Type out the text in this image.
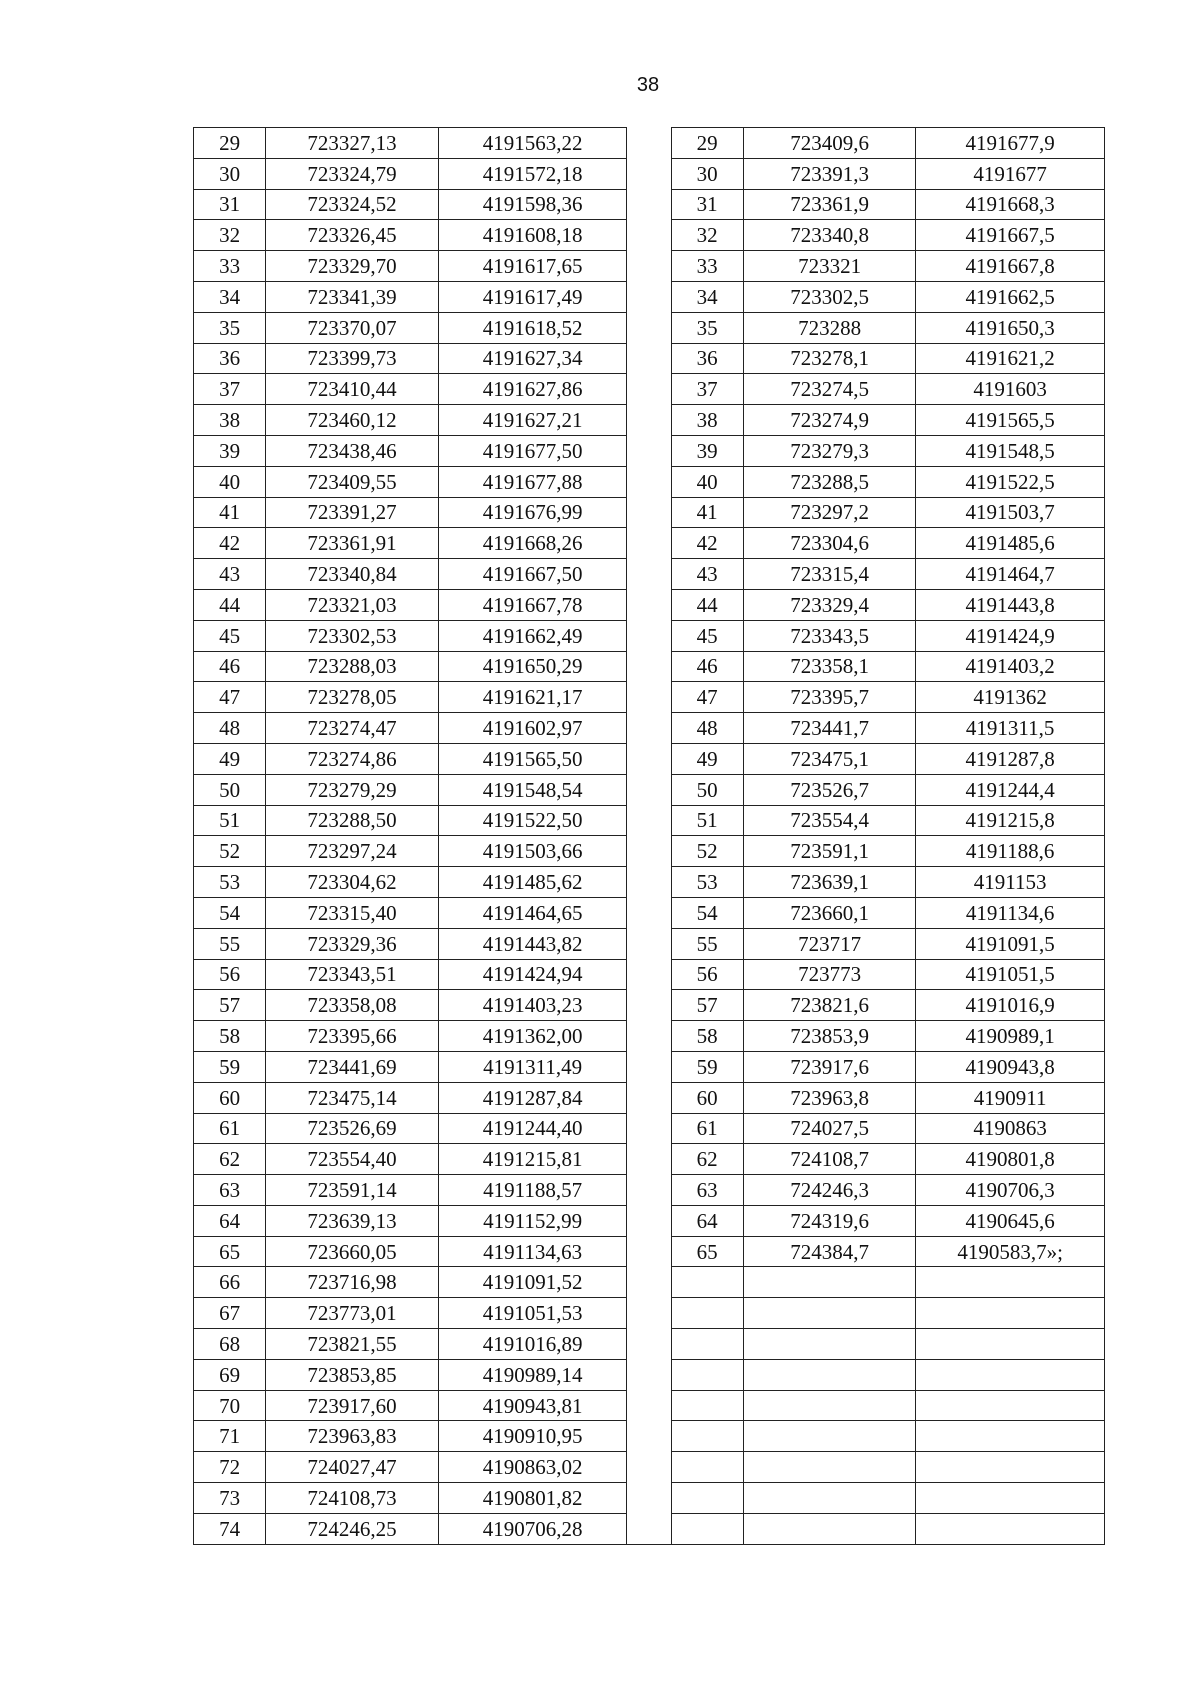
38
29	723327,13	4191563,22		29	723409,6	4191677,9
30	723324,79	4191572,18		30	723391,3	4191677
31	723324,52	4191598,36		31	723361,9	4191668,3
32	723326,45	4191608,18		32	723340,8	4191667,5
33	723329,70	4191617,65		33	723321	4191667,8
34	723341,39	4191617,49		34	723302,5	4191662,5
35	723370,07	4191618,52		35	723288	4191650,3
36	723399,73	4191627,34		36	723278,1	4191621,2
37	723410,44	4191627,86		37	723274,5	4191603
38	723460,12	4191627,21		38	723274,9	4191565,5
39	723438,46	4191677,50		39	723279,3	4191548,5
40	723409,55	4191677,88		40	723288,5	4191522,5
41	723391,27	4191676,99		41	723297,2	4191503,7
42	723361,91	4191668,26		42	723304,6	4191485,6
43	723340,84	4191667,50		43	723315,4	4191464,7
44	723321,03	4191667,78		44	723329,4	4191443,8
45	723302,53	4191662,49		45	723343,5	4191424,9
46	723288,03	4191650,29		46	723358,1	4191403,2
47	723278,05	4191621,17		47	723395,7	4191362
48	723274,47	4191602,97		48	723441,7	4191311,5
49	723274,86	4191565,50		49	723475,1	4191287,8
50	723279,29	4191548,54		50	723526,7	4191244,4
51	723288,50	4191522,50		51	723554,4	4191215,8
52	723297,24	4191503,66		52	723591,1	4191188,6
53	723304,62	4191485,62		53	723639,1	4191153
54	723315,40	4191464,65		54	723660,1	4191134,6
55	723329,36	4191443,82		55	723717	4191091,5
56	723343,51	4191424,94		56	723773	4191051,5
57	723358,08	4191403,23		57	723821,6	4191016,9
58	723395,66	4191362,00		58	723853,9	4190989,1
59	723441,69	4191311,49		59	723917,6	4190943,8
60	723475,14	4191287,84		60	723963,8	4190911
61	723526,69	4191244,40		61	724027,5	4190863
62	723554,40	4191215,81		62	724108,7	4190801,8
63	723591,14	4191188,57		63	724246,3	4190706,3
64	723639,13	4191152,99		64	724319,6	4190645,6
65	723660,05	4191134,63		65	724384,7	4190583,7»;
66	723716,98	4191091,52				
67	723773,01	4191051,53				
68	723821,55	4191016,89				
69	723853,85	4190989,14				
70	723917,60	4190943,81				
71	723963,83	4190910,95				
72	724027,47	4190863,02				
73	724108,73	4190801,82				
74	724246,25	4190706,28				
